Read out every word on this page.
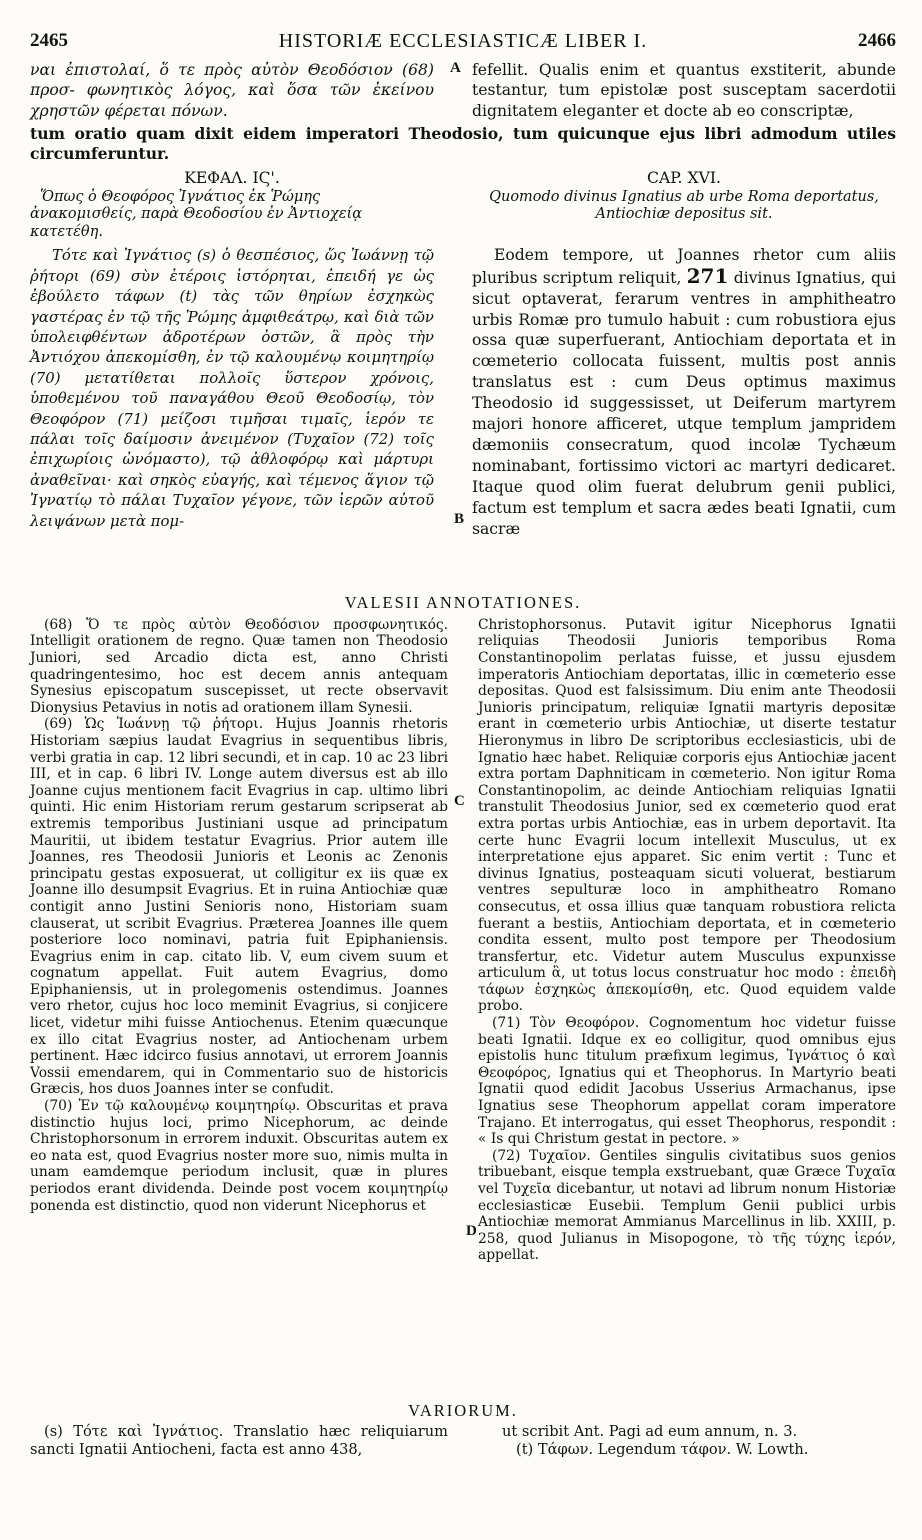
2465	HISTORIÆ ECCLESIASTICÆ LIBER I.	2466

ναι ἐπιστολαί, ὅ τε πρὸς αὐτὸν Θεοδόσιον (68) προσ- φωνητικὸς λόγος, καὶ ὅσα τῶν ἐκείνου χρηστῶν φέρεται πόνων.

A fefellit. Qualis enim et quantus exstiterit, abunde testantur, tum epistolæ post susceptam sacerdotii dignitatem eleganter et docte ab eo conscriptæ,

tum oratio quam dixit eidem imperatori Theodosio, tum quicunque ejus libri admodum utiles circumferuntur.

ΚΕΦΑΛ. ΙϚ'.

Ὅπως ὁ Θεοφόρος Ἰγνάτιος ἐκ Ῥώμης ἀνακομισθείς, παρὰ Θεοδοσίου ἐν Ἀντιοχείᾳ κατετέθη.

Τότε καὶ Ἰγνάτιος (s) ὁ θεσπέσιος, ὥς Ἰωάννῃ τῷ ῥήτορι (69) σὺν ἑτέροις ἱστόρηται, ἐπειδή γε ὡς ἐβούλετο τάφων (t) τὰς τῶν θηρίων ἐσχηκὼς γαστέρας ἐν τῷ τῆς Ῥώμης ἀμφιθεάτρῳ, καὶ διὰ τῶν ὑπολειφθέντων ἀδροτέρων ὀστῶν, ἃ πρὸς τὴν Ἀντιόχου ἀπεκομίσθη, ἐν τῷ καλουμένῳ κοιμητηρίῳ (70) μετατίθεται πολλοῖς ὕστερον χρόνοις, ὑποθεμένου τοῦ παναγάθου Θεοῦ Θεοδοσίῳ, τὸν Θεοφόρον (71) μείζοσι τιμῆσαι τιμαῖς, ἱερόν τε πάλαι τοῖς δαίμοσιν ἀνειμένον (Τυχαῖον (72) τοῖς ἐπιχωρίοις ὠνόμαστο), τῷ ἀθλοφόρῳ καὶ μάρτυρι ἀναθεῖναι· καὶ σηκὸς εὐαγής, καὶ τέμενος ἅγιον τῷ Ἰγνατίῳ τὸ πάλαι Τυχαῖον γέγονε, τῶν ἱερῶν αὐτοῦ λειψάνων μετὰ πομ-	B
CAP. XVI.

Quomodo divinus Ignatius ab urbe Roma deportatus, Antiochiæ depositus sit.

Eodem tempore, ut Joannes rhetor cum aliis pluribus scriptum reliquit, 271 divinus Ignatius, qui sicut optaverat, ferarum ventres in amphitheatro urbis Romæ pro tumulo habuit : cum robustiora ejus ossa quæ superfuerant, Antiochiam deportata et in cœmeterio collocata fuissent, multis post annis translatus est : cum Deus optimus maximus Theodosio id suggessisset, ut Deiferum martyrem majori honore afficeret, utque templum jampridem dæmoniis consecratum, quod incolæ Tychæum nominabant, fortissimo victori ac martyri dedicaret. Itaque quod olim fuerat delubrum genii publici, factum est templum et sacra ædes beati Ignatii, cum sacræ

VALESII ANNOTATIONES.

(68) Ὅ τε πρὸς αὐτὸν Θεοδόσιον προσφωνητικός. Intelligit orationem de regno. Quæ tamen non Theodosio Juniori, sed Arcadio dicta est, anno Christi quadringentesimo, hoc est decem annis antequam Synesius episcopatum suscepisset, ut recte observavit Dionysius Petavius in notis ad orationem illam Synesii.

(69) Ὡς Ἰωάννῃ τῷ ῥήτορι. Hujus Joannis rhetoris Historiam sæpius laudat Evagrius in sequentibus libris, verbi gratia in cap. 12 libri secundi, et in cap. 10 ac 23 libri III, et in cap. 6 libri IV. Longe autem diversus est ab illo Joanne cujus mentionem facit Evagrius in cap. ultimo libri quinti. Hic enim Historiam rerum gestarum scripserat ab extremis temporibus Justiniani usque ad principatum Mauritii, ut ibidem testatur Evagrius. Prior autem ille Joannes, res Theodosii Junioris et Leonis ac Zenonis principatu gestas exposuerat, ut colligitur ex iis quæ ex Joanne illo desumpsit Evagrius. Et in ruina Antiochiæ quæ contigit anno Justini Senioris nono, Historiam suam clauserat, ut scribit Evagrius. Præterea Joannes ille quem posteriore loco nominavi, patria fuit Epiphaniensis. Evagrius enim in cap. citato lib. V, eum civem suum et cognatum appellat. Fuit autem Evagrius, domo Epiphaniensis, ut in prolegomenis ostendimus. Joannes vero rhetor, cujus hoc loco meminit Evagrius, si conjicere licet, videtur mihi fuisse Antiochenus. Etenim quæcunque ex illo citat Evagrius noster, ad Antiochenam urbem pertinent. Hæc idcirco fusius annotavi, ut errorem Joannis Vossii emendarem, qui in Commentario suo de historicis Græcis, hos duos Joannes inter se confudit.

(70) Ἐν τῷ καλουμένῳ κοιμητηρίῳ. Obscuritas et prava distinctio hujus loci, primo Nicephorum, ac deinde Christophorsonum in errorem induxit. Obscuritas autem ex eo nata est, quod Evagrius noster more suo, nimis multa in unam eamdemque periodum inclusit, quæ in plures periodos erant dividenda. Deinde post vocem κοιμητηρίῳ ponenda est distinctio, quod non viderunt Nicephorus et

C
D

Christophorsonus. Putavit igitur Nicephorus Ignatii reliquias Theodosii Junioris temporibus Roma Constantinopolim perlatas fuisse, et jussu ejusdem imperatoris Antiochiam deportatas, illic in cœmeterio esse depositas. Quod est falsissimum. Diu enim ante Theodosii Junioris principatum, reliquiæ Ignatii martyris depositæ erant in cœmeterio urbis Antiochiæ, ut diserte testatur Hieronymus in libro De scriptoribus ecclesiasticis, ubi de Ignatio hæc habet. Reliquiæ corporis ejus Antiochiæ jacent extra portam Daphniticam in cœmeterio. Non igitur Roma Constantinopolim, ac deinde Antiochiam reliquias Ignatii transtulit Theodosius Junior, sed ex cœmeterio quod erat extra portas urbis Antiochiæ, eas in urbem deportavit. Ita certe hunc Evagrii locum intellexit Musculus, ut ex interpretatione ejus apparet. Sic enim vertit : Tunc et divinus Ignatius, posteaquam sicuti voluerat, bestiarum ventres sepulturæ loco in amphitheatro Romano consecutus, et ossa illius quæ tanquam robustiora relicta fuerant a bestiis, Antiochiam deportata, et in cœmeterio condita essent, multo post tempore per Theodosium transfertur, etc. Videtur autem Musculus expunxisse articulum ἃ, ut totus locus construatur hoc modo : ἐπειδὴ τάφων ἐσχηκὼς ἀπεκομίσθη, etc. Quod equidem valde probo.

(71) Τὸν Θεοφόρον. Cognomentum hoc videtur fuisse beati Ignatii. Idque ex eo colligitur, quod omnibus ejus epistolis hunc titulum præfixum legimus, Ἰγνάτιος ὁ καὶ Θεοφόρος, Ignatius qui et Theophorus. In Martyrio beati Ignatii quod edidit Jacobus Usserius Armachanus, ipse Ignatius sese Theophorum appellat coram imperatore Trajano. Et interrogatus, qui esset Theophorus, respondit : « Is qui Christum gestat in pectore. »

(72) Τυχαῖον. Gentiles singulis civitatibus suos genios tribuebant, eisque templa exstruebant, quæ Græce Τυχαῖα vel Τυχεῖα dicebantur, ut notavi ad librum nonum Historiæ ecclesiasticæ Eusebii. Templum Genii publici urbis Antiochiæ memorat Ammianus Marcellinus in lib. XXIII, p. 258, quod Julianus in Misopogone, τὸ τῆς τύχης ἱερόν, appellat.

VARIORUM.

(s) Τότε καὶ Ἰγνάτιος. Translatio hæc reliquiarum sancti Ignatii Antiocheni, facta est anno 438,

ut scribit Ant. Pagi ad eum annum, n. 3.

(t) Τάφων. Legendum τάφον. W. Lowth.
